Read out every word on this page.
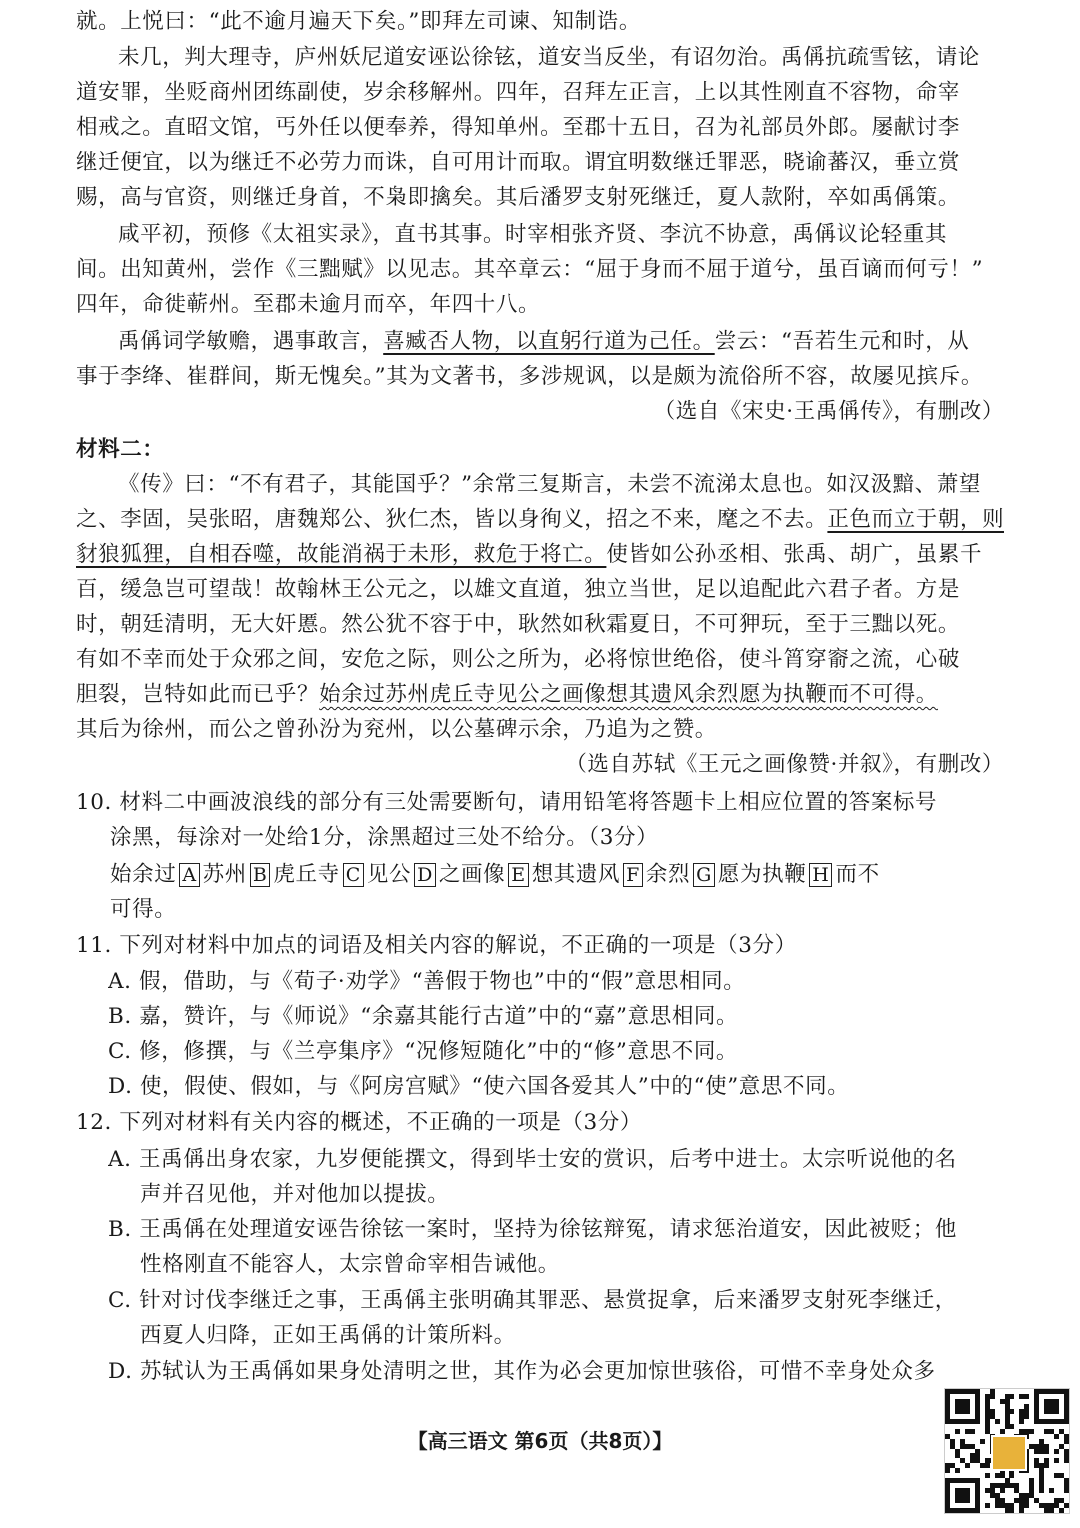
就。上悦曰：“此不逾月遍天下矣。”即拜左司谏、知制诰。
未几，判大理寺，庐州妖尼道安诬讼徐铉，道安当反坐，有诏勿治。禹偁抗疏雪铉，请论
道安罪，坐贬商州团练副使，岁余移解州。四年，召拜左正言，上以其性刚直不容物，命宰
相戒之。直昭文馆，丐外任以便奉养，得知单州。至郡十五日，召为礼部员外郎。屡献讨李
继迁便宜，以为继迁不必劳力而诛，自可用计而取。谓宜明数继迁罪恶，晓谕蕃汉，垂立赏
赐，高与官资，则继迁身首，不枭即擒矣。其后潘罗支射死继迁，夏人款附，卒如禹偁策。
咸平初，预修《太祖实录》，直书其事。时宰相张齐贤、李沆不协意，禹偁议论轻重其
间。出知黄州，尝作《三黜赋》以见志。其卒章云：“屈于身而不屈于道兮，虽百谪而何亏！”
四年，命徙蕲州。至郡未逾月而卒，年四十八。
禹偁词学敏赡，遇事敢言，喜臧否人物，以直躬行道为己任。尝云：“吾若生元和时，从
事于李绛、崔群间，斯无愧矣。”其为文著书，多涉规讽，以是颇为流俗所不容，故屡见摈斥。
（选自《宋史·王禹偁传》，有删改）
材料二：
《传》曰：“不有君子，其能国乎？”余常三复斯言，未尝不流涕太息也。如汉汲黯、萧望
之、李固，吴张昭，唐魏郑公、狄仁杰，皆以身徇义，招之不来，麾之不去。正色而立于朝，则
豺狼狐狸，自相吞噬，故能消祸于未形，救危于将亡。使皆如公孙丞相、张禹、胡广，虽累千
百，缓急岂可望哉！故翰林王公元之，以雄文直道，独立当世，足以追配此六君子者。方是
时，朝廷清明，无大奸慝。然公犹不容于中，耿然如秋霜夏日，不可狎玩，至于三黜以死。
有如不幸而处于众邪之间，安危之际，则公之所为，必将惊世绝俗，使斗筲穿窬之流，心破
胆裂，岂特如此而已乎？始余过苏州虎丘寺见公之画像想其遗风余烈愿为执鞭而不可得。
其后为徐州，而公之曾孙汾为兖州，以公墓碑示余，乃追为之赞。
（选自苏轼《王元之画像赞·并叙》，有删改）
10. 材料二中画波浪线的部分有三处需要断句，请用铅笔将答题卡上相应位置的答案标号
涂黑，每涂对一处给1分，涂黑超过三处不给分。（3分）
始余过 A 苏州 B 虎丘寺 C 见公 D 之画像 E 想其遗风 F 余烈 G 愿为执鞭 H 而不
可得。
11. 下列对材料中加点的词语及相关内容的解说，不正确的一项是（3分）
A. 假，借助，与《荀子·劝学》“善假于物也”中的“假”意思相同。
B. 嘉，赞许，与《师说》“余嘉其能行古道”中的“嘉”意思相同。
C. 修，修撰，与《兰亭集序》“况修短随化”中的“修”意思不同。
D. 使，假使、假如，与《阿房宫赋》“使六国各爱其人”中的“使”意思不同。
12. 下列对材料有关内容的概述，不正确的一项是（3分）
A. 王禹偁出身农家，九岁便能撰文，得到毕士安的赏识，后考中进士。太宗听说他的名
声并召见他，并对他加以提拔。
B. 王禹偁在处理道安诬告徐铉一案时，坚持为徐铉辩冤，请求惩治道安，因此被贬；他
性格刚直不能容人，太宗曾命宰相告诫他。
C. 针对讨伐李继迁之事，王禹偁主张明确其罪恶、悬赏捉拿，后来潘罗支射死李继迁，
西夏人归降，正如王禹偁的计策所料。
D. 苏轼认为王禹偁如果身处清明之世，其作为必会更加惊世骇俗，可惜不幸身处众多
【高三语文 第6页（共8页）】
